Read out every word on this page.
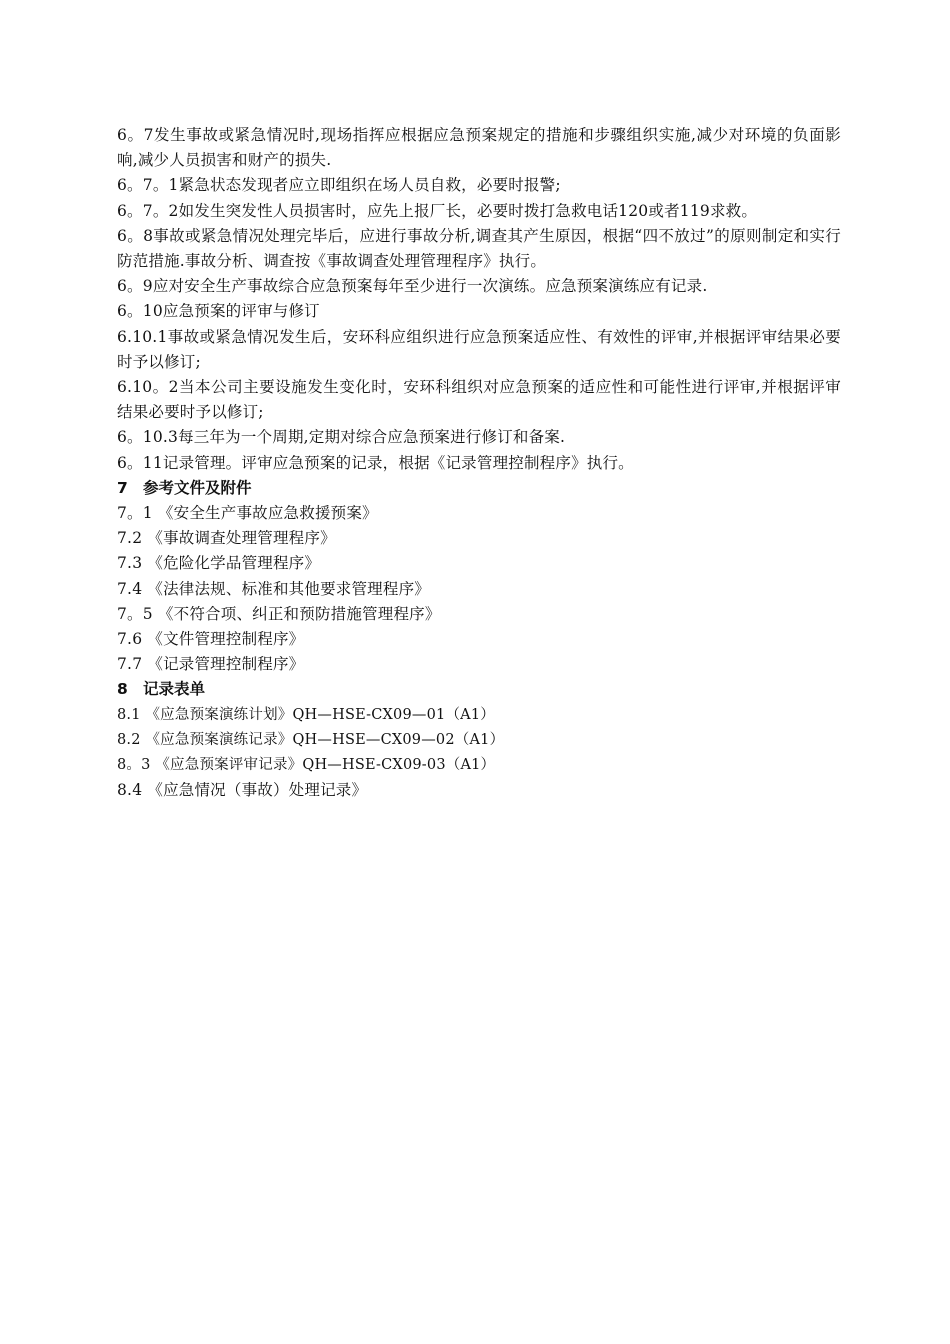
6。7发生事故或紧急情况时,现场指挥应根据应急预案规定的措施和步骤组织实施,减少对环境的负面影响,减少人员损害和财产的损失.
6。7。1紧急状态发现者应立即组织在场人员自救，必要时报警;
6。7。2如发生突发性人员损害时，应先上报厂长，必要时拨打急救电话120或者119求救。
6。8事故或紧急情况处理完毕后，应进行事故分析,调查其产生原因，根据“四不放过”的原则制定和实行防范措施.事故分析、调查按《事故调查处理管理程序》执行。
6。9应对安全生产事故综合应急预案每年至少进行一次演练。应急预案演练应有记录.
6。10应急预案的评审与修订
6.10.1事故或紧急情况发生后，安环科应组织进行应急预案适应性、有效性的评审,并根据评审结果必要时予以修订;
6.10。2当本公司主要设施发生变化时，安环科组织对应急预案的适应性和可能性进行评审,并根据评审结果必要时予以修订;
6。10.3每三年为一个周期,定期对综合应急预案进行修订和备案.
6。11记录管理。评审应急预案的记录，根据《记录管理控制程序》执行。
7 参考文件及附件
7。1 《安全生产事故应急救援预案》
7.2 《事故调查处理管理程序》
7.3 《危险化学品管理程序》
7.4 《法律法规、标准和其他要求管理程序》
7。5 《不符合项、纠正和预防措施管理程序》
7.6 《文件管理控制程序》
7.7 《记录管理控制程序》
8 记录表单
8.1 《应急预案演练计划》QH—HSE-CX09—01（A1）
8.2 《应急预案演练记录》QH—HSE—CX09—02（A1）
8。3 《应急预案评审记录》QH—HSE-CX09-03（A1）
8.4 《应急情况（事故）处理记录》
